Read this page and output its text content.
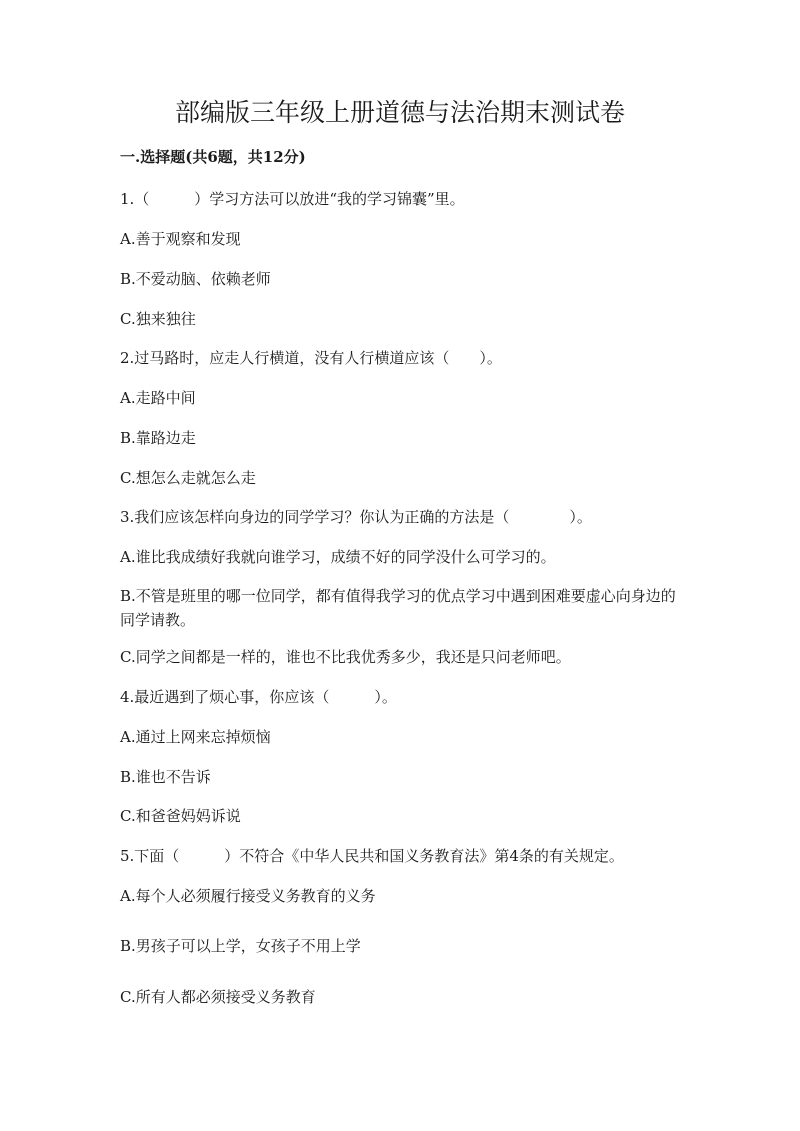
部编版三年级上册道德与法治期末测试卷
一.选择题(共6题，共12分)
1.（　　　）学习方法可以放进“我的学习锦囊”里。
A.善于观察和发现
B.不爱动脑、依赖老师
C.独来独往
2.过马路时，应走人行横道，没有人行横道应该（　　）。
A.走路中间
B.靠路边走
C.想怎么走就怎么走
3.我们应该怎样向身边的同学学习？你认为正确的方法是（　　　　）。
A.谁比我成绩好我就向谁学习，成绩不好的同学没什么可学习的。
B.不管是班里的哪一位同学，都有值得我学习的优点学习中遇到困难要虚心向身边的同学请教。
C.同学之间都是一样的，谁也不比我优秀多少，我还是只问老师吧。
4.最近遇到了烦心事，你应该（　　　）。
A.通过上网来忘掉烦恼
B.谁也不告诉
C.和爸爸妈妈诉说
5.下面（　　　）不符合《中华人民共和国义务教育法》第4条的有关规定。
A.每个人必须履行接受义务教育的义务
B.男孩子可以上学，女孩子不用上学
C.所有人都必须接受义务教育
